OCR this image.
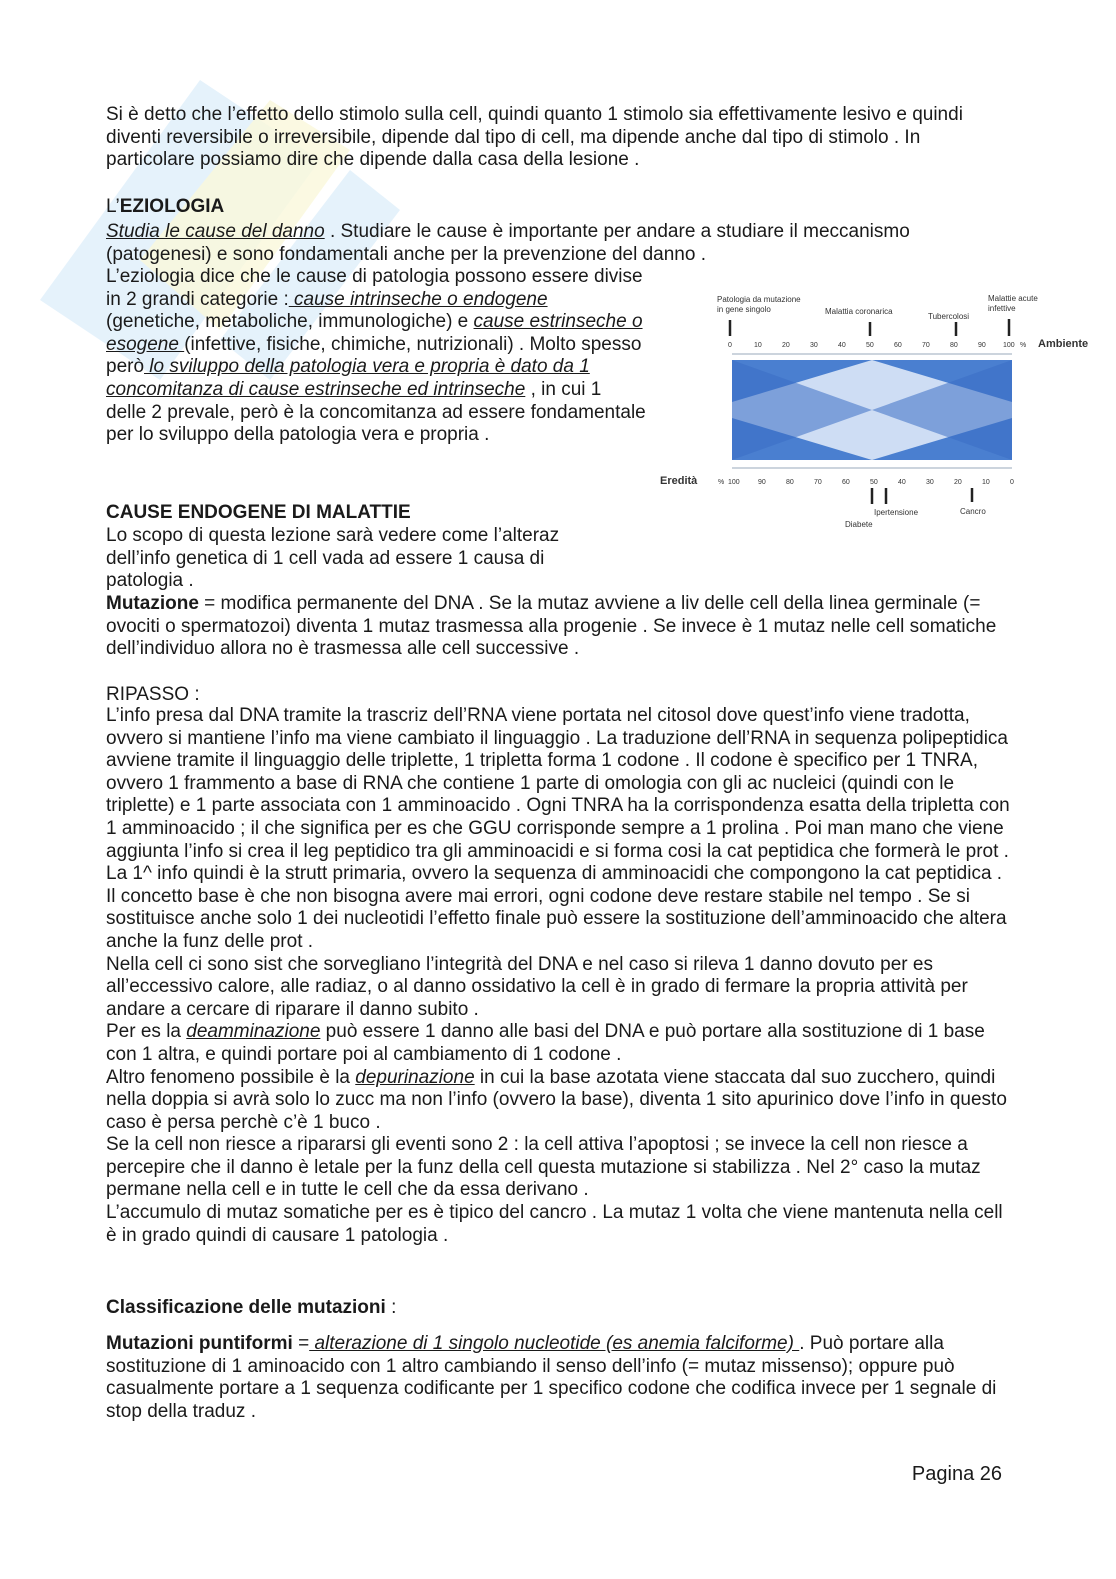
Si è detto che l’effetto dello stimolo sulla cell, quindi quanto 1 stimolo sia effettivamente lesivo e quindi diventi reversibile o irreversibile, dipende dal tipo di cell, ma dipende anche dal tipo di stimolo . In particolare possiamo dire che dipende dalla casa della lesione .
L’EZIOLOGIA
Studia le cause del danno . Studiare le cause è importante per andare a studiare il meccanismo (patogenesi) e sono fondamentali anche per la prevenzione del danno .
L’eziologia dice che le cause di patologia possono essere divise in 2 grandi categorie : cause intrinseche o endogene (genetiche, metaboliche, immunologiche) e cause estrinseche o esogene (infettive, fisiche, chimiche, nutrizionali) . Molto spesso però lo sviluppo della patologia vera e propria è dato da 1 concomitanza di cause estrinseche ed intrinseche , in cui 1 delle 2 prevale, però è la concomitanza ad essere fondamentale per lo sviluppo della patologia vera e propria .
Patologia da mutazione
in gene singolo	Malattia coronarica
Tubercolosi
Malattie acute
infettive
0	10	20	30	40	50	60	70	80	90 100 % Ambiente
Eredità	% 100	90	80	70	60	50	40	30	20	10	0
Diabete
Ipertensione	Cancro
CAUSE ENDOGENE DI MALATTIE
Lo scopo di questa lezione sarà vedere come l’alteraz dell’info genetica di 1 cell vada ad essere 1 causa di patologia .
Mutazione = modifica permanente del DNA . Se la mutaz avviene a liv delle cell della linea germinale (= ovociti o spermatozoi) diventa 1 mutaz trasmessa alla progenie . Se invece è 1 mutaz nelle cell somatiche dell’individuo allora no è trasmessa alle cell successive .
RIPASSO :
L’info presa dal DNA tramite la trascriz dell’RNA viene portata nel citosol dove quest’info viene tradotta, ovvero si mantiene l’info ma viene cambiato il linguaggio . La traduzione dell’RNA in sequenza polipeptidica avviene tramite il linguaggio delle triplette, 1 tripletta forma 1 codone . Il codone è specifico per 1 TNRA, ovvero 1 frammento a base di RNA che contiene 1 parte di omologia con gli ac nucleici (quindi con le triplette) e 1 parte associata con 1 amminoacido . Ogni TNRA ha la corrispondenza esatta della tripletta con 1 amminoacido ; il che significa per es che GGU corrisponde sempre a 1 prolina . Poi man mano che viene aggiunta l’info si crea il leg peptidico tra gli amminoacidi e si forma cosi la cat peptidica che formerà le prot . La 1^ info quindi è la strutt primaria, ovvero la sequenza di amminoacidi che compongono la cat peptidica . Il concetto base è che non bisogna avere mai errori, ogni codone deve restare stabile nel tempo . Se si sostituisce anche solo 1 dei nucleotidi l’effetto finale può essere la sostituzione dell’amminoacido che altera anche la funz delle prot .
Nella cell ci sono sist che sorvegliano l’integrità del DNA e nel caso si rileva 1 danno dovuto per es all’eccessivo calore, alle radiaz, o al danno ossidativo la cell è in grado di fermare la propria attività per andare a cercare di riparare il danno subito .
Per es la deamminazione può essere 1 danno alle basi del DNA e può portare alla sostituzione di 1 base con 1 altra, e quindi portare poi al cambiamento di 1 codone .
Altro fenomeno possibile è la depurinazione in cui la base azotata viene staccata dal suo zucchero, quindi nella doppia si avrà solo lo zucc ma non l’info (ovvero la base), diventa 1 sito apurinico dove l’info in questo caso è persa perchè c’è 1 buco .
Se la cell non riesce a ripararsi gli eventi sono 2 : la cell attiva l’apoptosi ; se invece la cell non riesce a percepire che il danno è letale per la funz della cell questa mutazione si stabilizza . Nel 2° caso la mutaz permane nella cell e in tutte le cell che da essa derivano .
L’accumulo di mutaz somatiche per es è tipico del cancro . La mutaz 1 volta che viene mantenuta nella cell è in grado quindi di causare 1 patologia .
Classificazione delle mutazioni :
Mutazioni puntiformi = alterazione di 1 singolo nucleotide (es anemia falciforme) . Può portare alla sostituzione di 1 aminoacido con 1 altro cambiando il senso dell’info (= mutaz missenso); oppure può casualmente portare a 1 sequenza codificante per 1 specifico codone che codifica invece per 1 segnale di stop della traduz .
Pagina 26
